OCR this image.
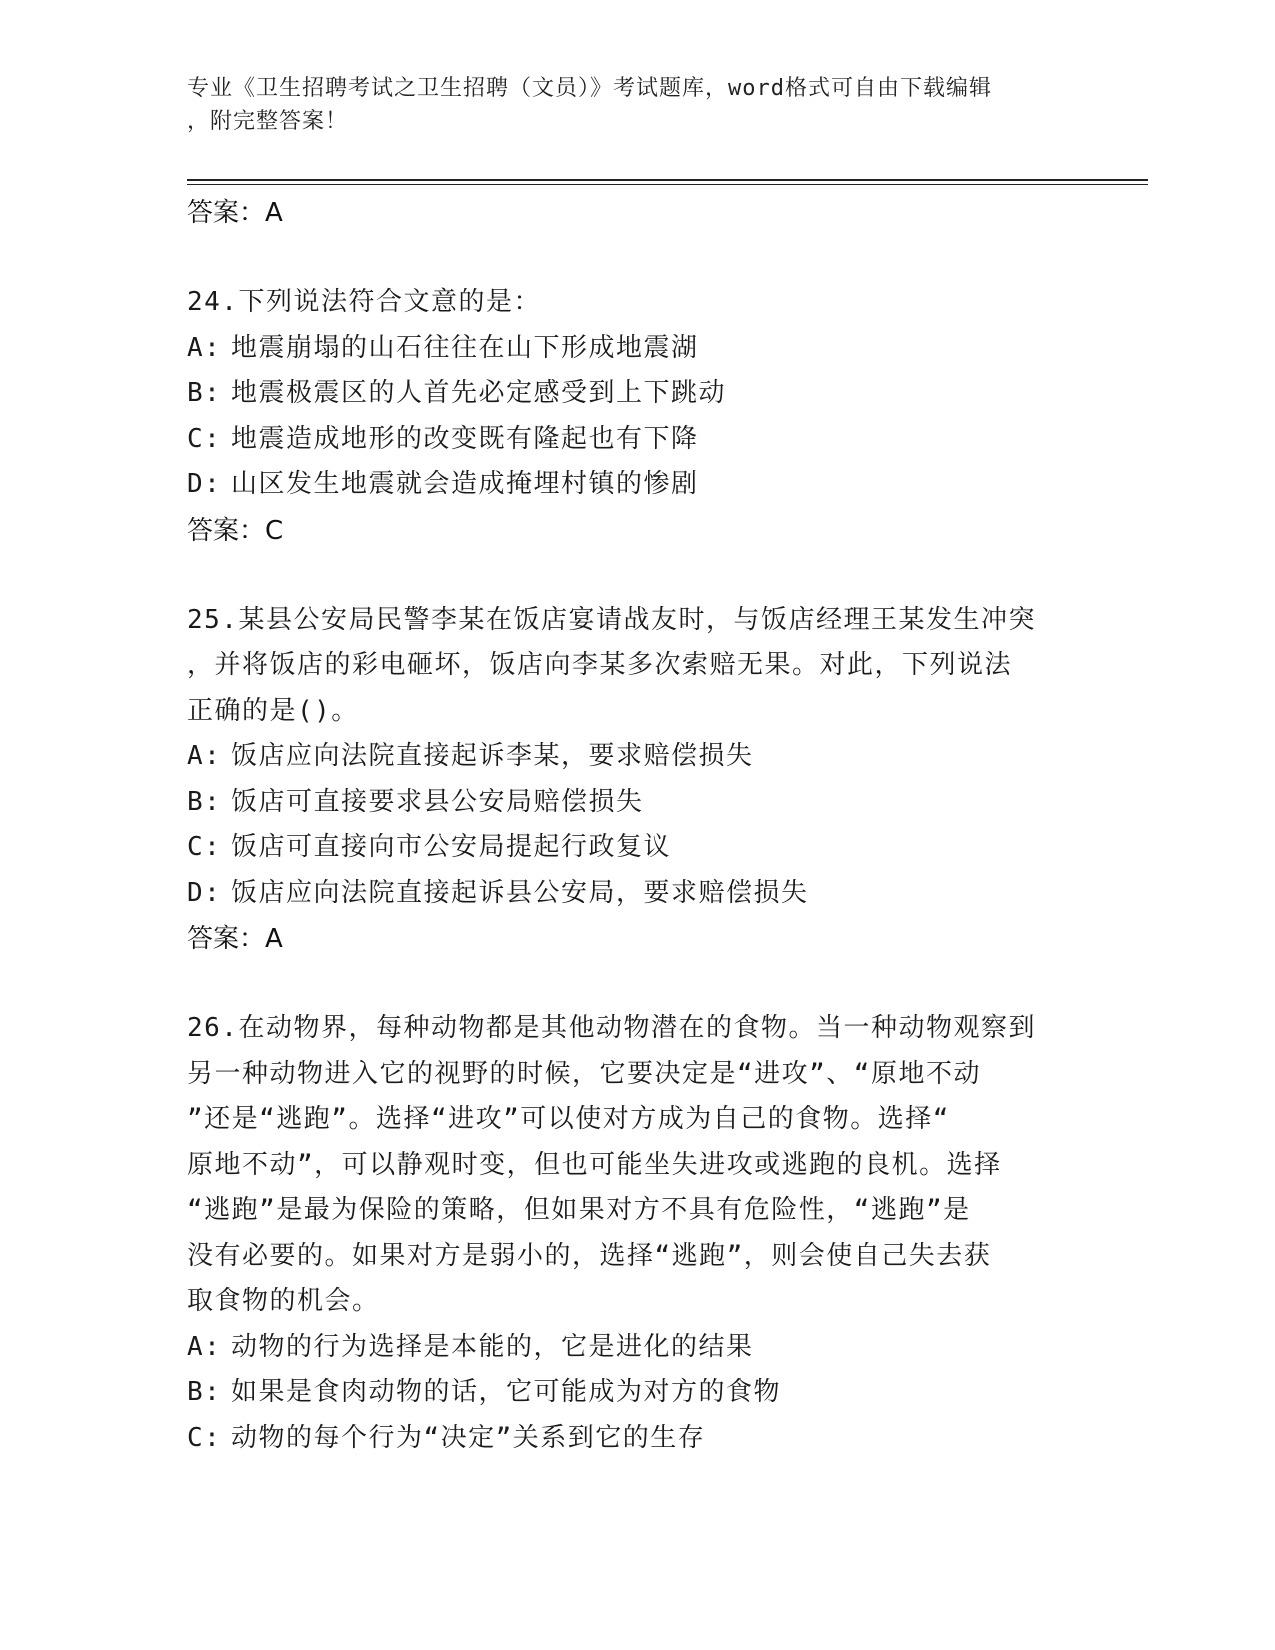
专业《卫生招聘考试之卫生招聘（文员）》考试题库，word格式可自由下载编辑
，附完整答案！
答案：A
24.下列说法符合文意的是：
A: 地震崩塌的山石往往在山下形成地震湖
B: 地震极震区的人首先必定感受到上下跳动
C: 地震造成地形的改变既有隆起也有下降
D: 山区发生地震就会造成掩埋村镇的惨剧
答案：C
25.某县公安局民警李某在饭店宴请战友时，与饭店经理王某发生冲突
，并将饭店的彩电砸坏，饭店向李某多次索赔无果。对此，下列说法
正确的是()。
A: 饭店应向法院直接起诉李某，要求赔偿损失
B: 饭店可直接要求县公安局赔偿损失
C: 饭店可直接向市公安局提起行政复议
D: 饭店应向法院直接起诉县公安局，要求赔偿损失
答案：A
26.在动物界，每种动物都是其他动物潜在的食物。当一种动物观察到
另一种动物进入它的视野的时候，它要决定是“进攻”、“原地不动
”还是“逃跑”。选择“进攻”可以使对方成为自己的食物。选择“
原地不动”，可以静观时变，但也可能坐失进攻或逃跑的良机。选择
“逃跑”是最为保险的策略，但如果对方不具有危险性，“逃跑”是
没有必要的。如果对方是弱小的，选择“逃跑”，则会使自己失去获
取食物的机会。
A: 动物的行为选择是本能的，它是进化的结果
B: 如果是食肉动物的话，它可能成为对方的食物
C: 动物的每个行为“决定”关系到它的生存
